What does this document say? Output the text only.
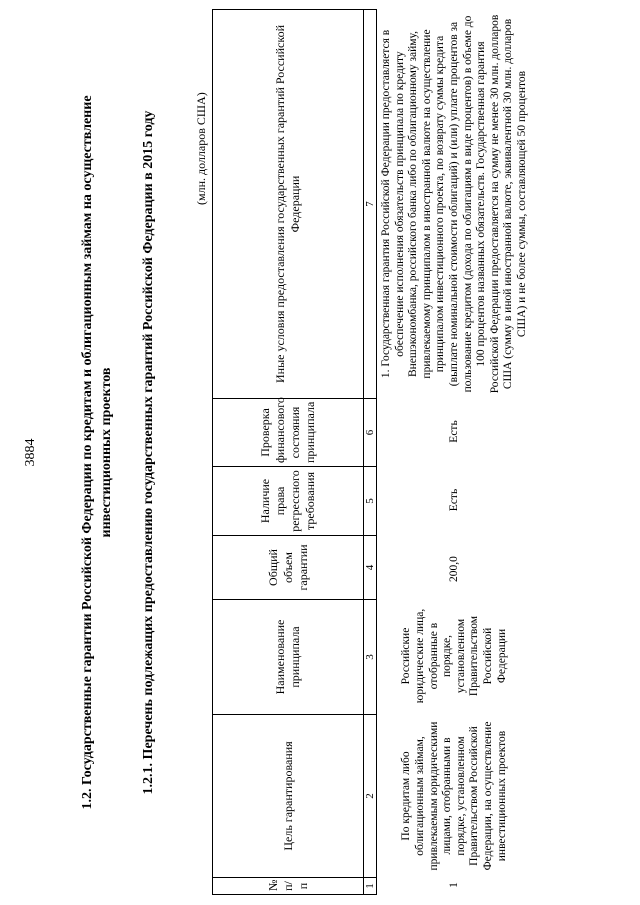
3884	1.2. Государственные гарантии Российской Федерации по кредитам и облигационным займам на осуществление инвестиционных проектов 1.2.1. Перечень подлежащих предоставлению государственных гарантий Российской Федерации в 2015 году	(млн. долларов США)
№ п/п	Цель гарантирования	Наименование принципала	Общий объем гарантии	Наличие права регрессного требования	Проверка финансового состояния принципала	Иные условия предоставления государственных гарантий Российской Федерации
1	2	3	4	5	6	7
1	По кредитам либо облигационным займам, привлекаемым юридическими лицами, отобранными в порядке, установленном Правительством Российской Федерации, на осуществление инвестиционных проектов	Российские юридические лица, отобранные в порядке, установленном Правительством Российской Федерации	200,0	Есть	Есть	1. Государственная гарантия Российской Федерации предоставляется в обеспечение исполнения обязательств принципала по кредиту Внешэкономбанка, российского банка либо по облигационному займу, привлекаемому принципалом в иностранной валюте на осуществление принципалом инвестиционного проекта, по возврату суммы кредита (выплате номинальной стоимости облигаций) и (или) уплате процентов за пользование кредитом (дохода по облигациям в виде процентов) в объеме до 100 процентов названных обязательств. Государственная гарантия Российской Федерации предоставляется на сумму не менее 30 млн. долларов США (сумму в иной иностранной валюте, эквивалентной 30 млн. долларов США) и не более суммы, составляющей 50 процентов
